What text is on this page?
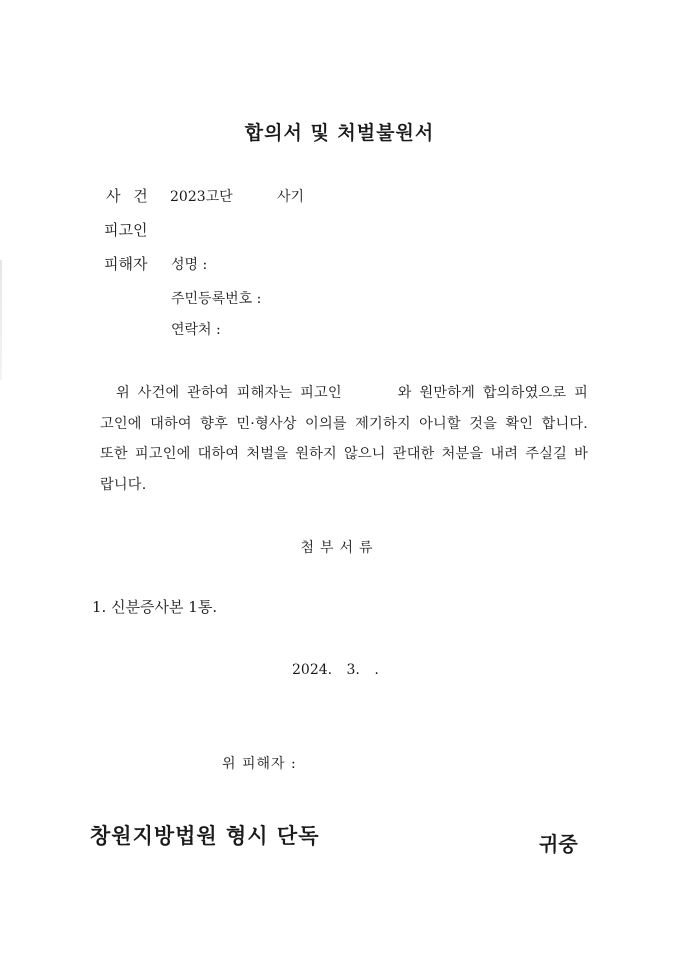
합의서 및 처벌불원서
사 건 2023고단	사기
피고인
피해자 성명 :
주민등록번호 :
연락처 :
위 사건에 관하여 피해자는 피고인	와 원만하게 합의하였으로 피고인에 대하여 향후 민·형사상 이의를 제기하지 아니할 것을 확인 합니다. 또한 피고인에 대하여 처벌을 원하지 않으니 관대한 처분을 내려 주실길 바랍니다.
첨부서류
1. 신분증사본 1통.
2024. 3. .
위 피해자 :
창원지방법원 형시 단독	귀중
